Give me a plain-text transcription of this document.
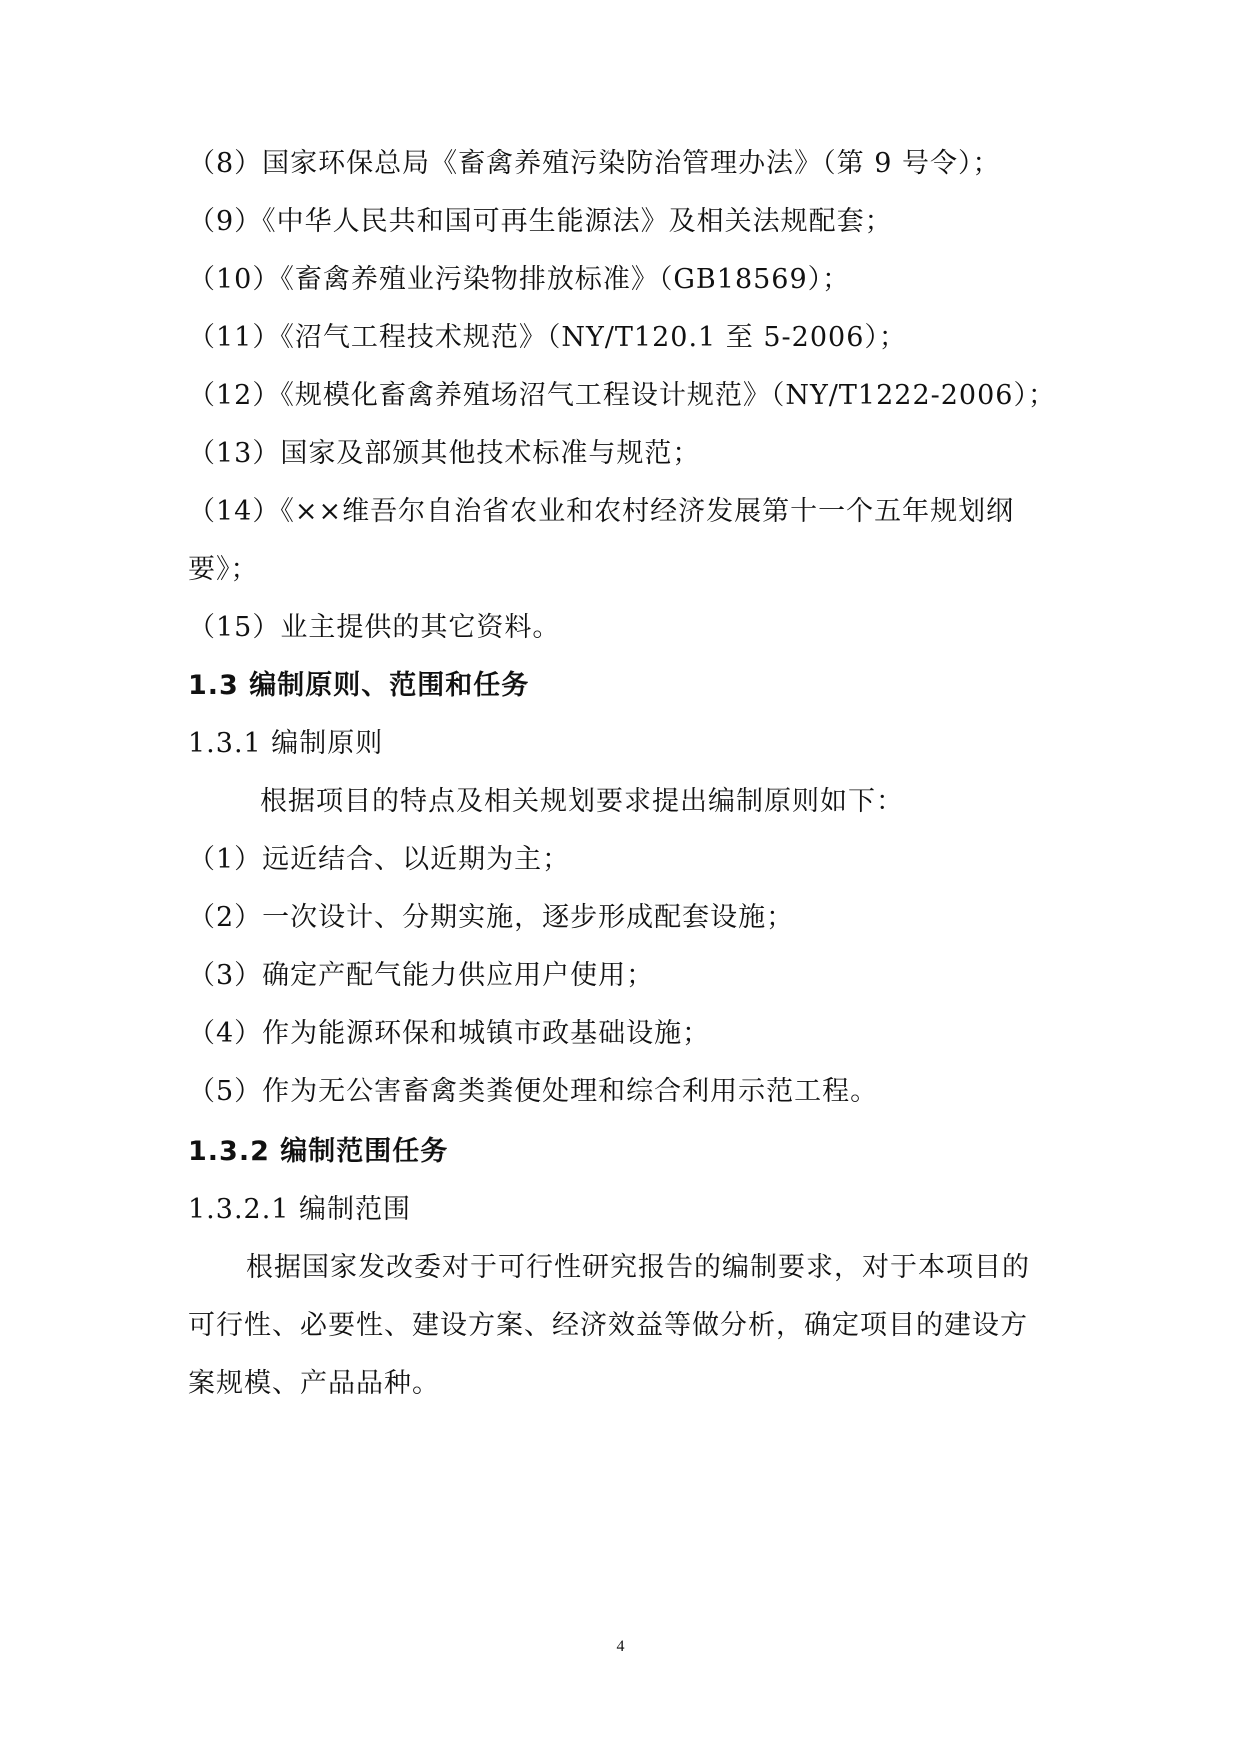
（8）国家环保总局《畜禽养殖污染防治管理办法》（第 9 号令）；
（9）《中华人民共和国可再生能源法》及相关法规配套；
（10）《畜禽养殖业污染物排放标准》（GB18569）；
（11）《沼气工程技术规范》（NY/T120.1 至 5-2006）；
（12）《规模化畜禽养殖场沼气工程设计规范》（NY/T1222-2006）；
（13）国家及部颁其他技术标准与规范；
（14）《××维吾尔自治省农业和农村经济发展第十一个五年规划纲
要》；
（15）业主提供的其它资料。
1.3 编制原则、范围和任务
1.3.1 编制原则
根据项目的特点及相关规划要求提出编制原则如下：
（1）远近结合、以近期为主；
（2）一次设计、分期实施，逐步形成配套设施；
（3）确定产配气能力供应用户使用；
（4）作为能源环保和城镇市政基础设施；
（5）作为无公害畜禽类粪便处理和综合利用示范工程。
1.3.2 编制范围任务
1.3.2.1 编制范围
根据国家发改委对于可行性研究报告的编制要求，对于本项目的
可行性、必要性、建设方案、经济效益等做分析，确定项目的建设方
案规模、产品品种。
4
